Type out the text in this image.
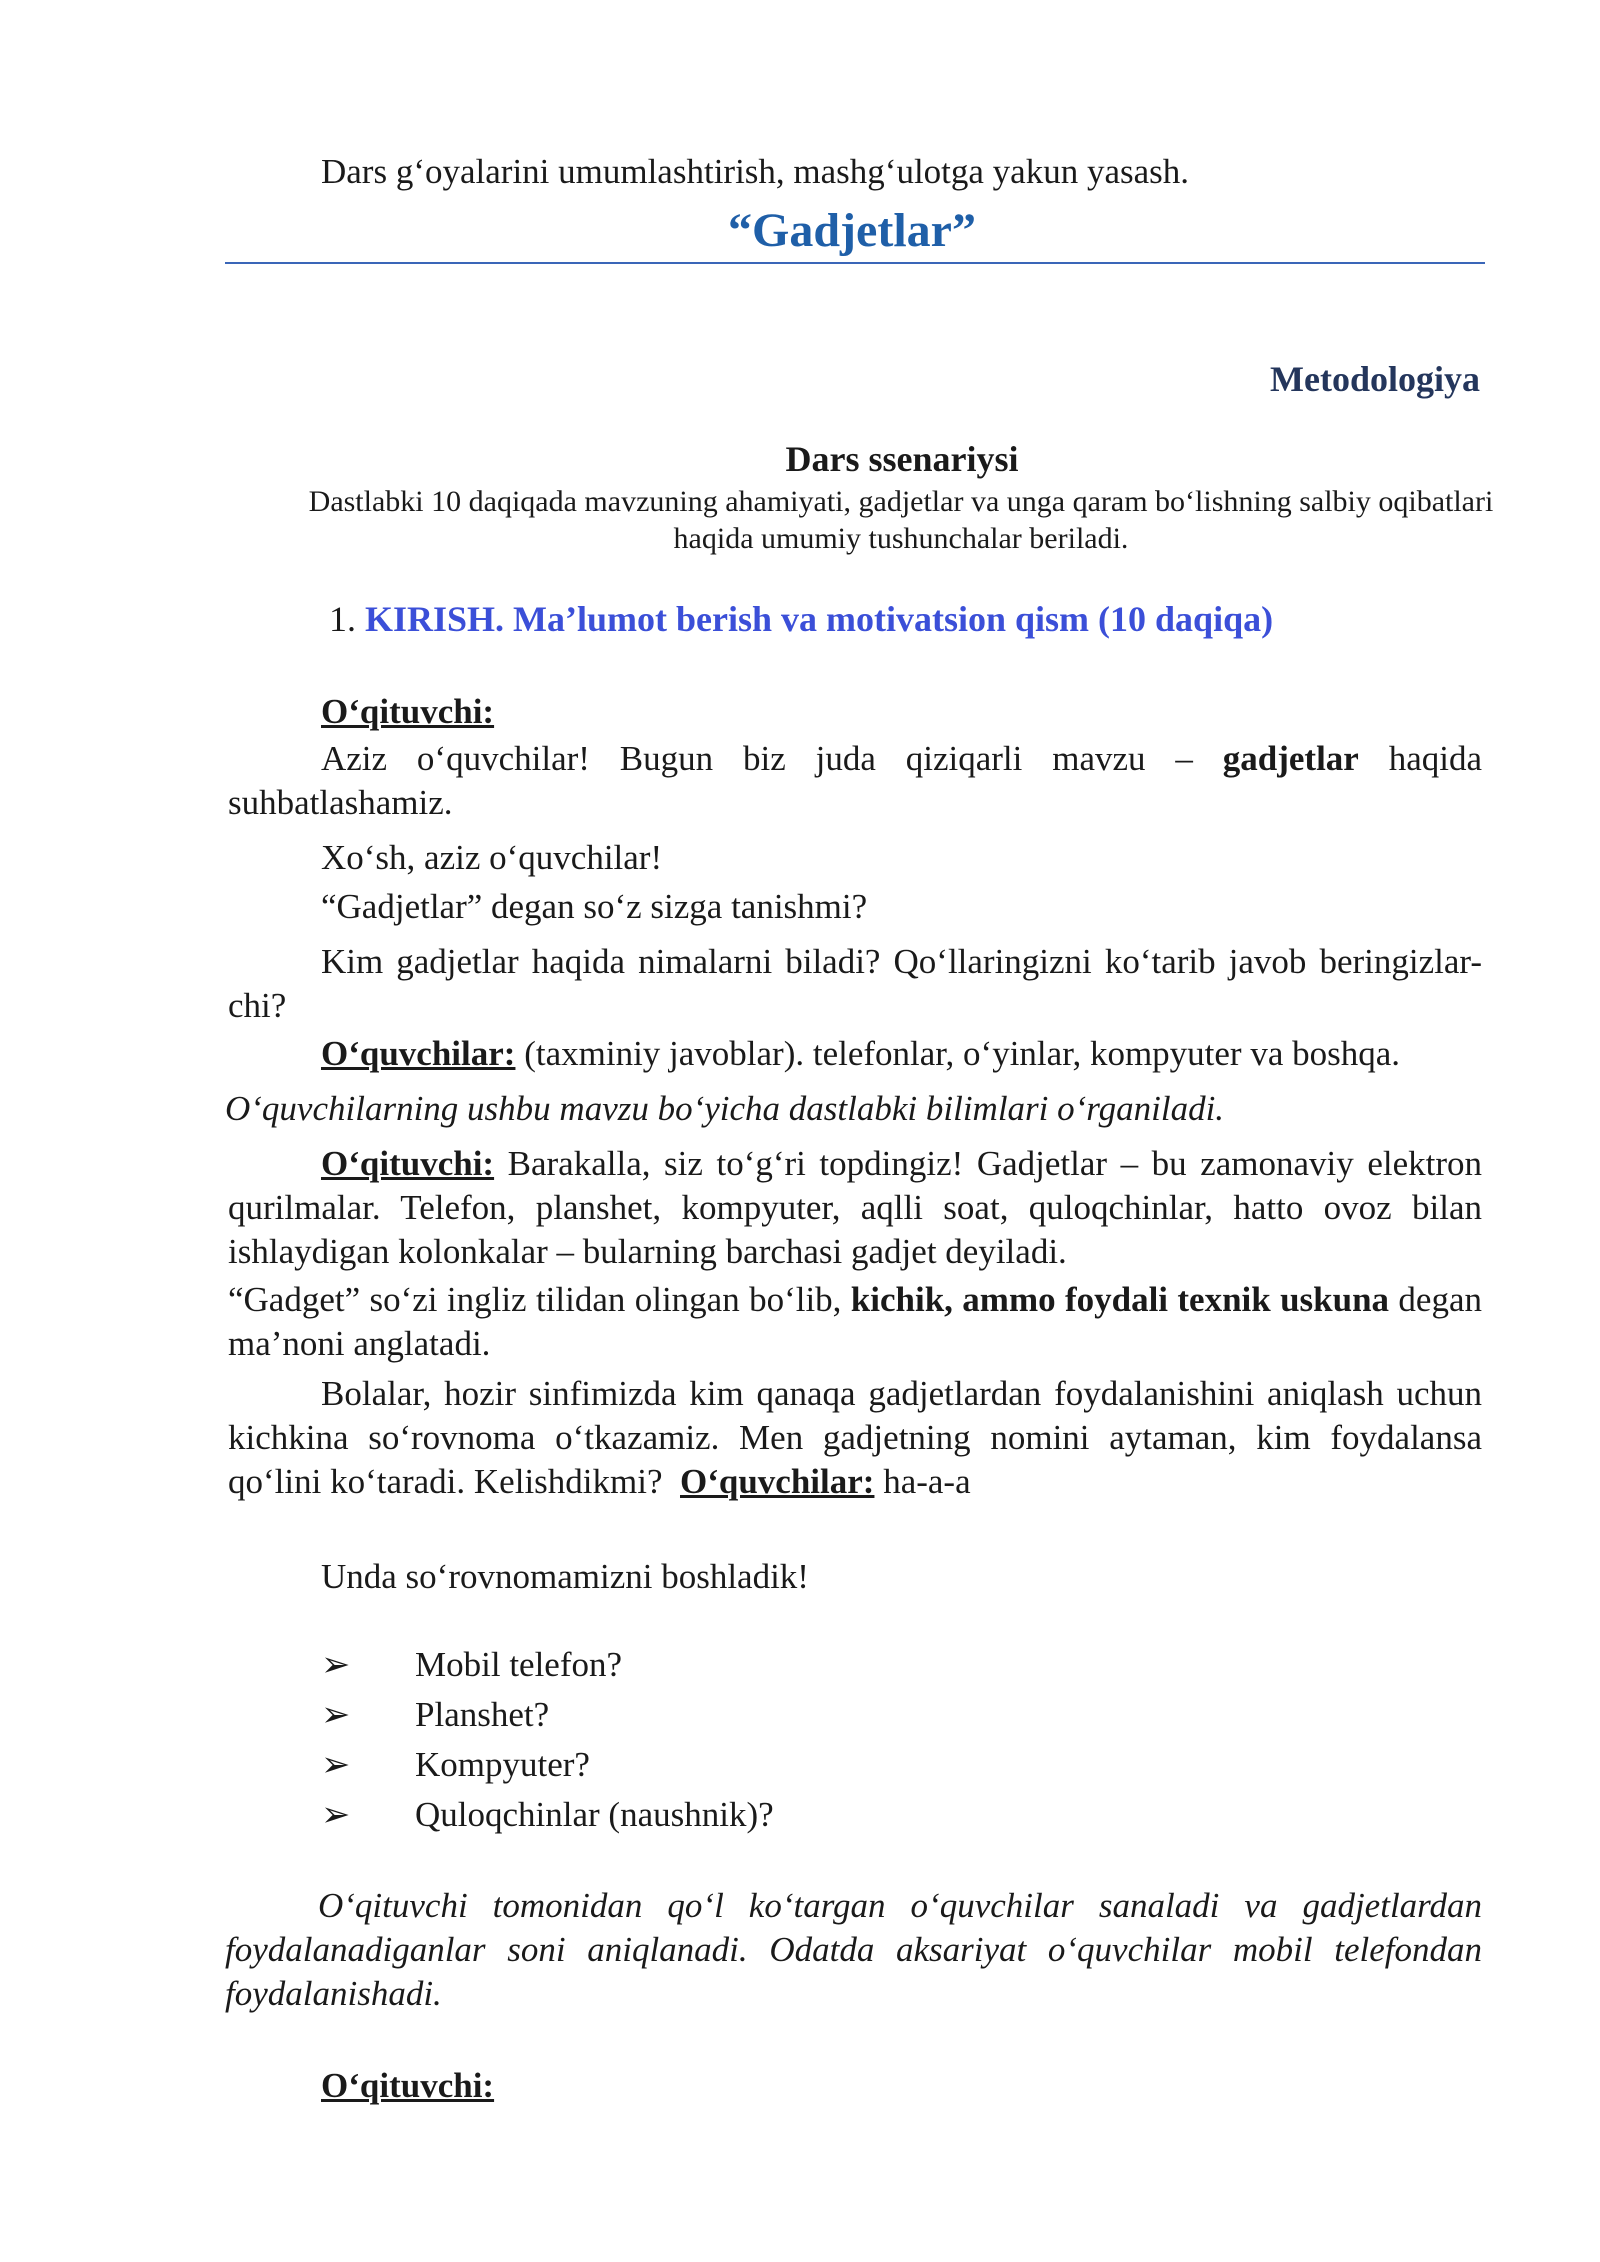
Dars g‘oyalarini umumlashtirish, mashg‘ulotga yakun yasash.
“Gadjetlar”
Metodologiya
Dars ssenariysi
Dastlabki 10 daqiqada mavzuning ahamiyati, gadjetlar va unga qaram bo‘lishning salbiy oqibatlari haqida umumiy tushunchalar beriladi.
1. KIRISH. Ma’lumot berish va motivatsion qism (10 daqiqa)
O‘qituvchi:
Aziz o‘quvchilar! Bugun biz juda qiziqarli mavzu – gadjetlar haqida suhbatlashamiz.
Xo‘sh, aziz o‘quvchilar!
“Gadjetlar” degan so‘z sizga tanishmi?
Kim gadjetlar haqida nimalarni biladi? Qo‘llaringizni ko‘tarib javob beringizlar-chi?
O‘quvchilar: (taxminiy javoblar). telefonlar, o‘yinlar, kompyuter va boshqa.
O‘quvchilarning ushbu mavzu bo‘yicha dastlabki bilimlari o‘rganiladi.
O‘qituvchi: Barakalla, siz to‘g‘ri topdingiz! Gadjetlar – bu zamonaviy elektron qurilmalar. Telefon, planshet, kompyuter, aqlli soat, quloqchinlar, hatto ovoz bilan ishlaydigan kolonkalar – bularning barchasi gadjet deyiladi.
“Gadget” so‘zi ingliz tilidan olingan bo‘lib, kichik, ammo foydali texnik uskuna degan ma’noni anglatadi.
Bolalar, hozir sinfimizda kim qanaqa gadjetlardan foydalanishini aniqlash uchun kichkina so‘rovnoma o‘tkazamiz. Men gadjetning nomini aytaman, kim foydalansa qo‘lini ko‘taradi. Kelishdikmi? O‘quvchilar: ha-a-a
Unda so‘rovnomamizni boshladik!
➢ Mobil telefon?
➢ Planshet?
➢ Kompyuter?
➢ Quloqchinlar (naushnik)?
O‘qituvchi tomonidan qo‘l ko‘targan o‘quvchilar sanaladi va gadjetlardan foydalanadiganlar soni aniqlanadi. Odatda aksariyat o‘quvchilar mobil telefondan foydalanishadi.
O‘qituvchi:
